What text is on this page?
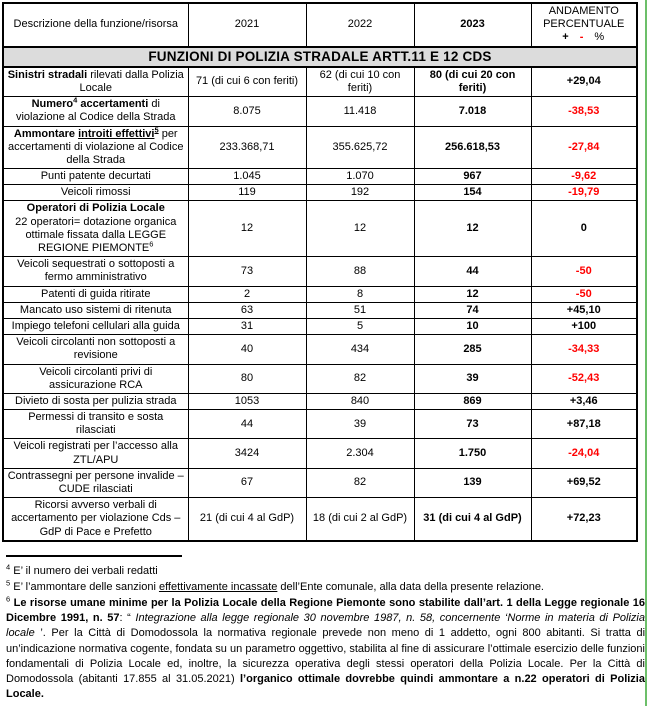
Descrizione della funzione/risorsa	2021	2022	2023	ANDAMENTO
PERCENTUALE
+ - %

FUNZIONI DI POLIZIA STRADALE ARTT.11 E 12 CDS				
Sinistri stradali rilevati dalla Polizia Locale	71 (di cui 6 con feriti)	62 (di cui 10 con feriti)	80 (di cui 20 con feriti)	+29,04
Numero$^4$ accertamenti di violazione al Codice della Strada	8.075	11.418	7.018	-38,53
Ammontare introiti effettivi$^5$ per accertamenti di violazione al Codice della Strada	233.368,71	355.625,72	256.618,53	-27,84
Punti patente decurtati	1.045	1.070	967	-9,62
Veicoli rimossi	119	192	154	-19,79
Operatori di Polizia Locale
22 operatori= dotazione organica ottimale fissata dalla LEGGE REGIONE PIEMONTE$^6$	12	12	12	0
Veicoli sequestrati o sottoposti a fermo amministrativo	73	88	44	-50
Patenti di guida ritirate	2	8	12	-50
Mancato uso sistemi di ritenuta	63	51	74	+45,10
Impiego telefoni cellulari alla guida	31	5	10	+100
Veicoli circolanti non sottoposti a revisione	40	434	285	-34,33
Veicoli circolanti privi di assicurazione RCA	80	82	39	-52,43
Divieto di sosta per pulizia strada	1053	840	869	+3,46
Permessi di transito e sosta rilasciati	44	39	73	+87,18
Veicoli registrati per l’accesso alla ZTL/APU	3424	2.304	1.750	-24,04
Contrassegni per persone invalide – CUDE rilasciati	67	82	139	+69,52
Ricorsi avverso verbali di accertamento per violazione Cds – GdP di Pace e Prefetto	21 (di cui 4 al GdP)	18 (di cui 2 al GdP)	31 (di cui 4 al GdP)	+72,23
$^4$ E’ il numero dei verbali redatti
$^5$ E’ l’ammontare delle sanzioni effettivamente incassate dell’Ente comunale, alla data della presente relazione.
$^6$ Le risorse umane minime per la Polizia Locale della Regione Piemonte sono stabilite dall’art. 1 della Legge regionale 16 Dicembre 1991, n. 57: “ Integrazione alla legge regionale 30 novembre 1987, n. 58, concernente ‘Norme in materia di Polizia locale ’. Per la Città di Domodossola la normativa regionale prevede non meno di 1 addetto, ogni 800 abitanti. Si tratta di un’indicazione normativa cogente, fondata su un parametro oggettivo, stabilita al fine di assicurare l’ottimale esercizio delle funzioni fondamentali di Polizia Locale ed, inoltre, la sicurezza operativa degli stessi operatori della Polizia Locale. Per la Città di Domodossola (abitanti 17.855 al 31.05.2021) l’organico ottimale dovrebbe quindi ammontare a n.22 operatori di Polizia Locale.
